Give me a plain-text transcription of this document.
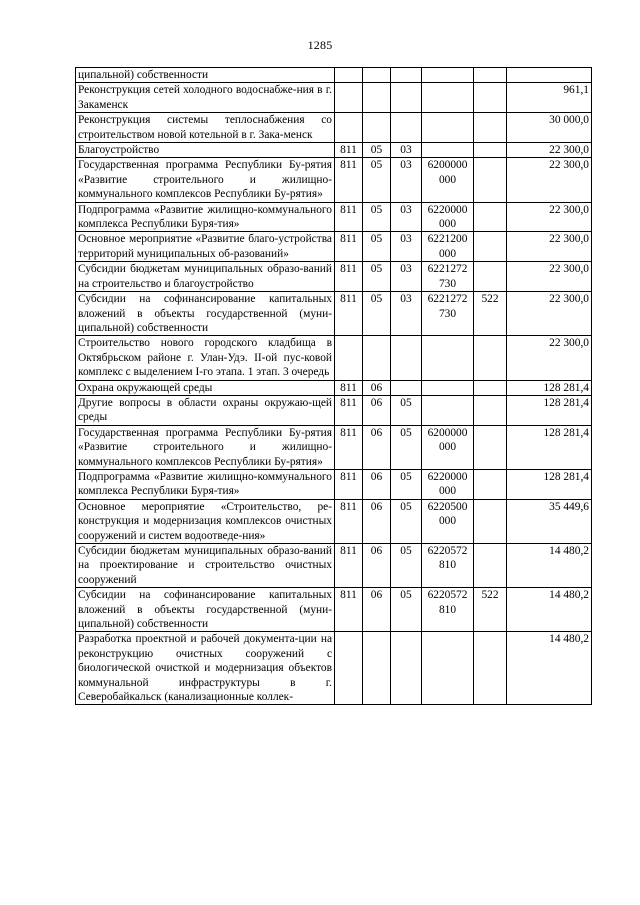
1285
ципальной) собственности						
Реконструкция сетей холодного водоснабже-ния в г. Закаменск						961,1
Реконструкция системы теплоснабжения со строительством новой котельной в г. Зака-менск						30 000,0
Благоустройство	811	05	03			22 300,0
Государственная программа Республики Бу-рятия «Развитие строительного и жилищно-коммунального комплексов Республики Бу-рятия»	811	05	03	6200000 000		22 300,0
Подпрограмма «Развитие жилищно-коммунального комплекса Республики Буря-тия»	811	05	03	6220000 000		22 300,0
Основное мероприятие «Развитие благо-устройства территорий муниципальных об-разований»	811	05	03	6221200 000		22 300,0
Субсидии бюджетам муниципальных образо-ваний на строительство и благоустройство	811	05	03	6221272 730		22 300,0
Субсидии на софинансирование капитальных вложений в объекты государственной (муни-ципальной) собственности	811	05	03	6221272 730	522	22 300,0
Строительство нового городского кладбища в Октябрьском районе г. Улан-Удэ. II-ой пус-ковой комплекс с выделением I-го этапа. 1 этап. 3 очередь						22 300,0
Охрана окружающей среды	811	06				128 281,4
Другие вопросы в области охраны окружаю-щей среды	811	06	05			128 281,4
Государственная программа Республики Бу-рятия «Развитие строительного и жилищно-коммунального комплексов Республики Бу-рятия»	811	06	05	6200000 000		128 281,4
Подпрограмма «Развитие жилищно-коммунального комплекса Республики Буря-тия»	811	06	05	6220000 000		128 281,4
Основное мероприятие «Строительство, ре-конструкция и модернизация комплексов очистных сооружений и систем водоотведе-ния»	811	06	05	6220500 000		35 449,6
Субсидии бюджетам муниципальных образо-ваний на проектирование и строительство очистных сооружений	811	06	05	6220572 810		14 480,2
Субсидии на софинансирование капитальных вложений в объекты государственной (муни-ципальной) собственности	811	06	05	6220572 810	522	14 480,2
Разработка проектной и рабочей документа-ции на реконструкцию очистных сооружений с биологической очисткой и модернизация объектов коммунальной инфраструктуры в г. Северобайкальск (канализационные коллек-						14 480,2
